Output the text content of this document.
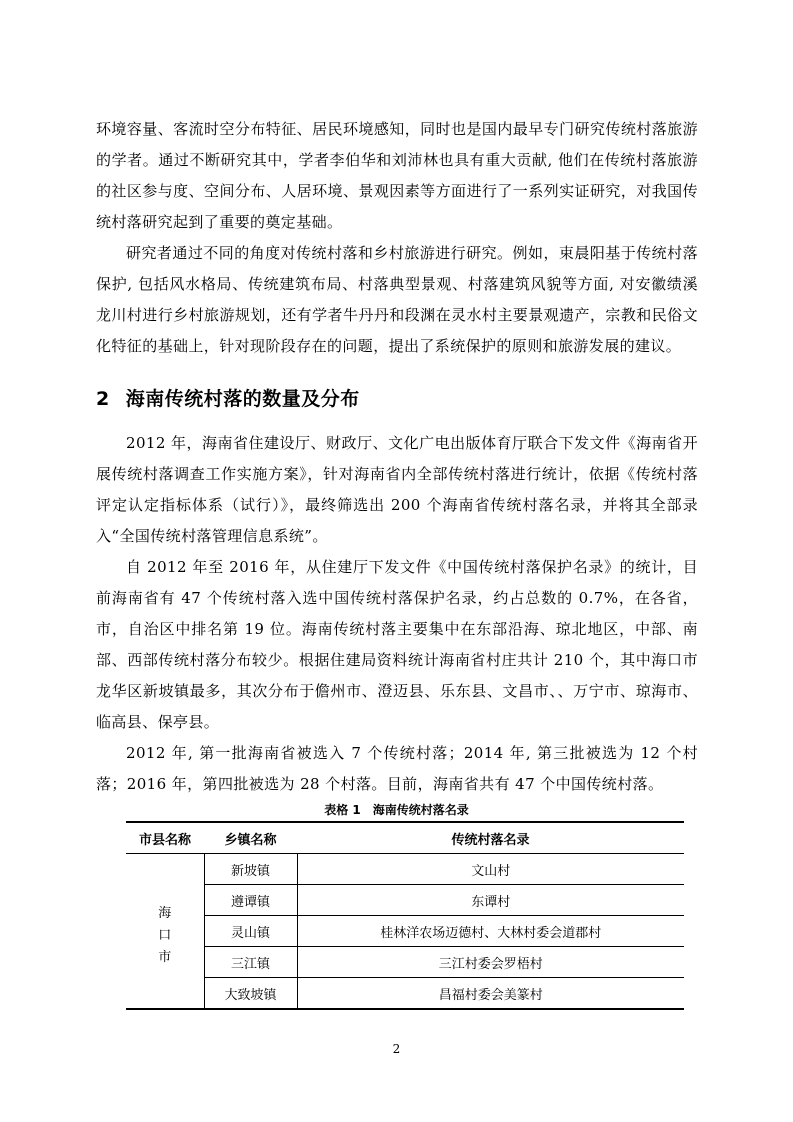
环境容量、客流时空分布特征、居民环境感知，同时也是国内最早专门研究传统村落旅游的学者。通过不断研究其中，学者李伯华和刘沛林也具有重大贡献, 他们在传统村落旅游的社区参与度、空间分布、人居环境、景观因素等方面进行了一系列实证研究，对我国传统村落研究起到了重要的奠定基础。

研究者通过不同的角度对传统村落和乡村旅游进行研究。例如，束晨阳基于传统村落保护, 包括风水格局、传统建筑布局、村落典型景观、村落建筑风貌等方面, 对安徽绩溪龙川村进行乡村旅游规划，还有学者牛丹丹和段渊在灵水村主要景观遗产，宗教和民俗文化特征的基础上，针对现阶段存在的问题，提出了系统保护的原则和旅游发展的建议。

2 海南传统村落的数量及分布

2012 年，海南省住建设厅、财政厅、文化广电出版体育厅联合下发文件《海南省开展传统村落调查工作实施方案》，针对海南省内全部传统村落进行统计，依据《传统村落评定认定指标体系（试行）》，最终筛选出 200 个海南省传统村落名录，并将其全部录入“全国传统村落管理信息系统”。

自 2012 年至 2016 年，从住建厅下发文件《中国传统村落保护名录》的统计，目前海南省有 47 个传统村落入选中国传统村落保护名录，约占总数的 0.7%，在各省，市，自治区中排名第 19 位。海南传统村落主要集中在东部沿海、琼北地区，中部、南部、西部传统村落分布较少。根据住建局资料统计海南省村庄共计 210 个，其中海口市龙华区新坡镇最多，其次分布于儋州市、澄迈县、乐东县、文昌市、、万宁市、琼海市、临高县、保亭县。

2012 年, 第一批海南省被选入 7 个传统村落；2014 年, 第三批被选为 12 个村落；2016 年，第四批被选为 28 个村落。目前，海南省共有 47 个中国传统村落。

表格 1　海南传统村落名录
市县名称	乡镇名称	传统村落名录
海
口
市	新坡镇	文山村
	遵谭镇	东谭村
	灵山镇	桂林洋农场迈德村、大林村委会道郡村
	三江镇	三江村委会罗梧村
	大致坡镇	昌福村委会美篆村
2
